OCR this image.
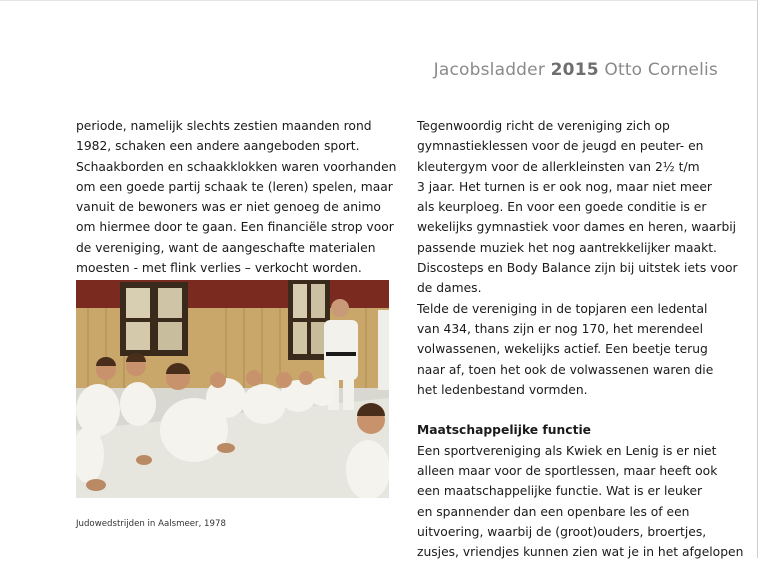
Jacobsladder 2015 Otto Cornelis
periode, namelijk slechts zestien maanden rond
1982, schaken een andere aangeboden sport.
Schaakborden en schaakklokken waren voorhanden
om een goede partij schaak te (leren) spelen, maar
vanuit de bewoners was er niet genoeg de animo
om hiermee door te gaan. Een financiële strop voor
de vereniging, want de aangeschafte materialen
moesten - met flink verlies – verkocht worden.
Judowedstrijden in Aalsmeer, 1978
Tegenwoordig richt de vereniging zich op
gymnastieklessen voor de jeugd en peuter- en
kleutergym voor de allerkleinsten van 2½ t/m
3 jaar. Het turnen is er ook nog, maar niet meer
als keurploeg. En voor een goede conditie is er
wekelijks gymnastiek voor dames en heren, waarbij
passende muziek het nog aantrekkelijker maakt.
Discosteps en Body Balance zijn bij uitstek iets voor
de dames.
Telde de vereniging in de topjaren een ledental
van 434, thans zijn er nog 170, het merendeel
volwassenen, wekelijks actief. Een beetje terug
naar af, toen het ook de volwassenen waren die
het ledenbestand vormden.
Maatschappelijke functie
Een sportvereniging als Kwiek en Lenig is er niet
alleen maar voor de sportlessen, maar heeft ook
een maatschappelijke functie. Wat is er leuker
en spannender dan een openbare les of een
uitvoering, waarbij de (groot)ouders, broertjes,
zusjes, vriendjes kunnen zien wat je in het afgelopen
